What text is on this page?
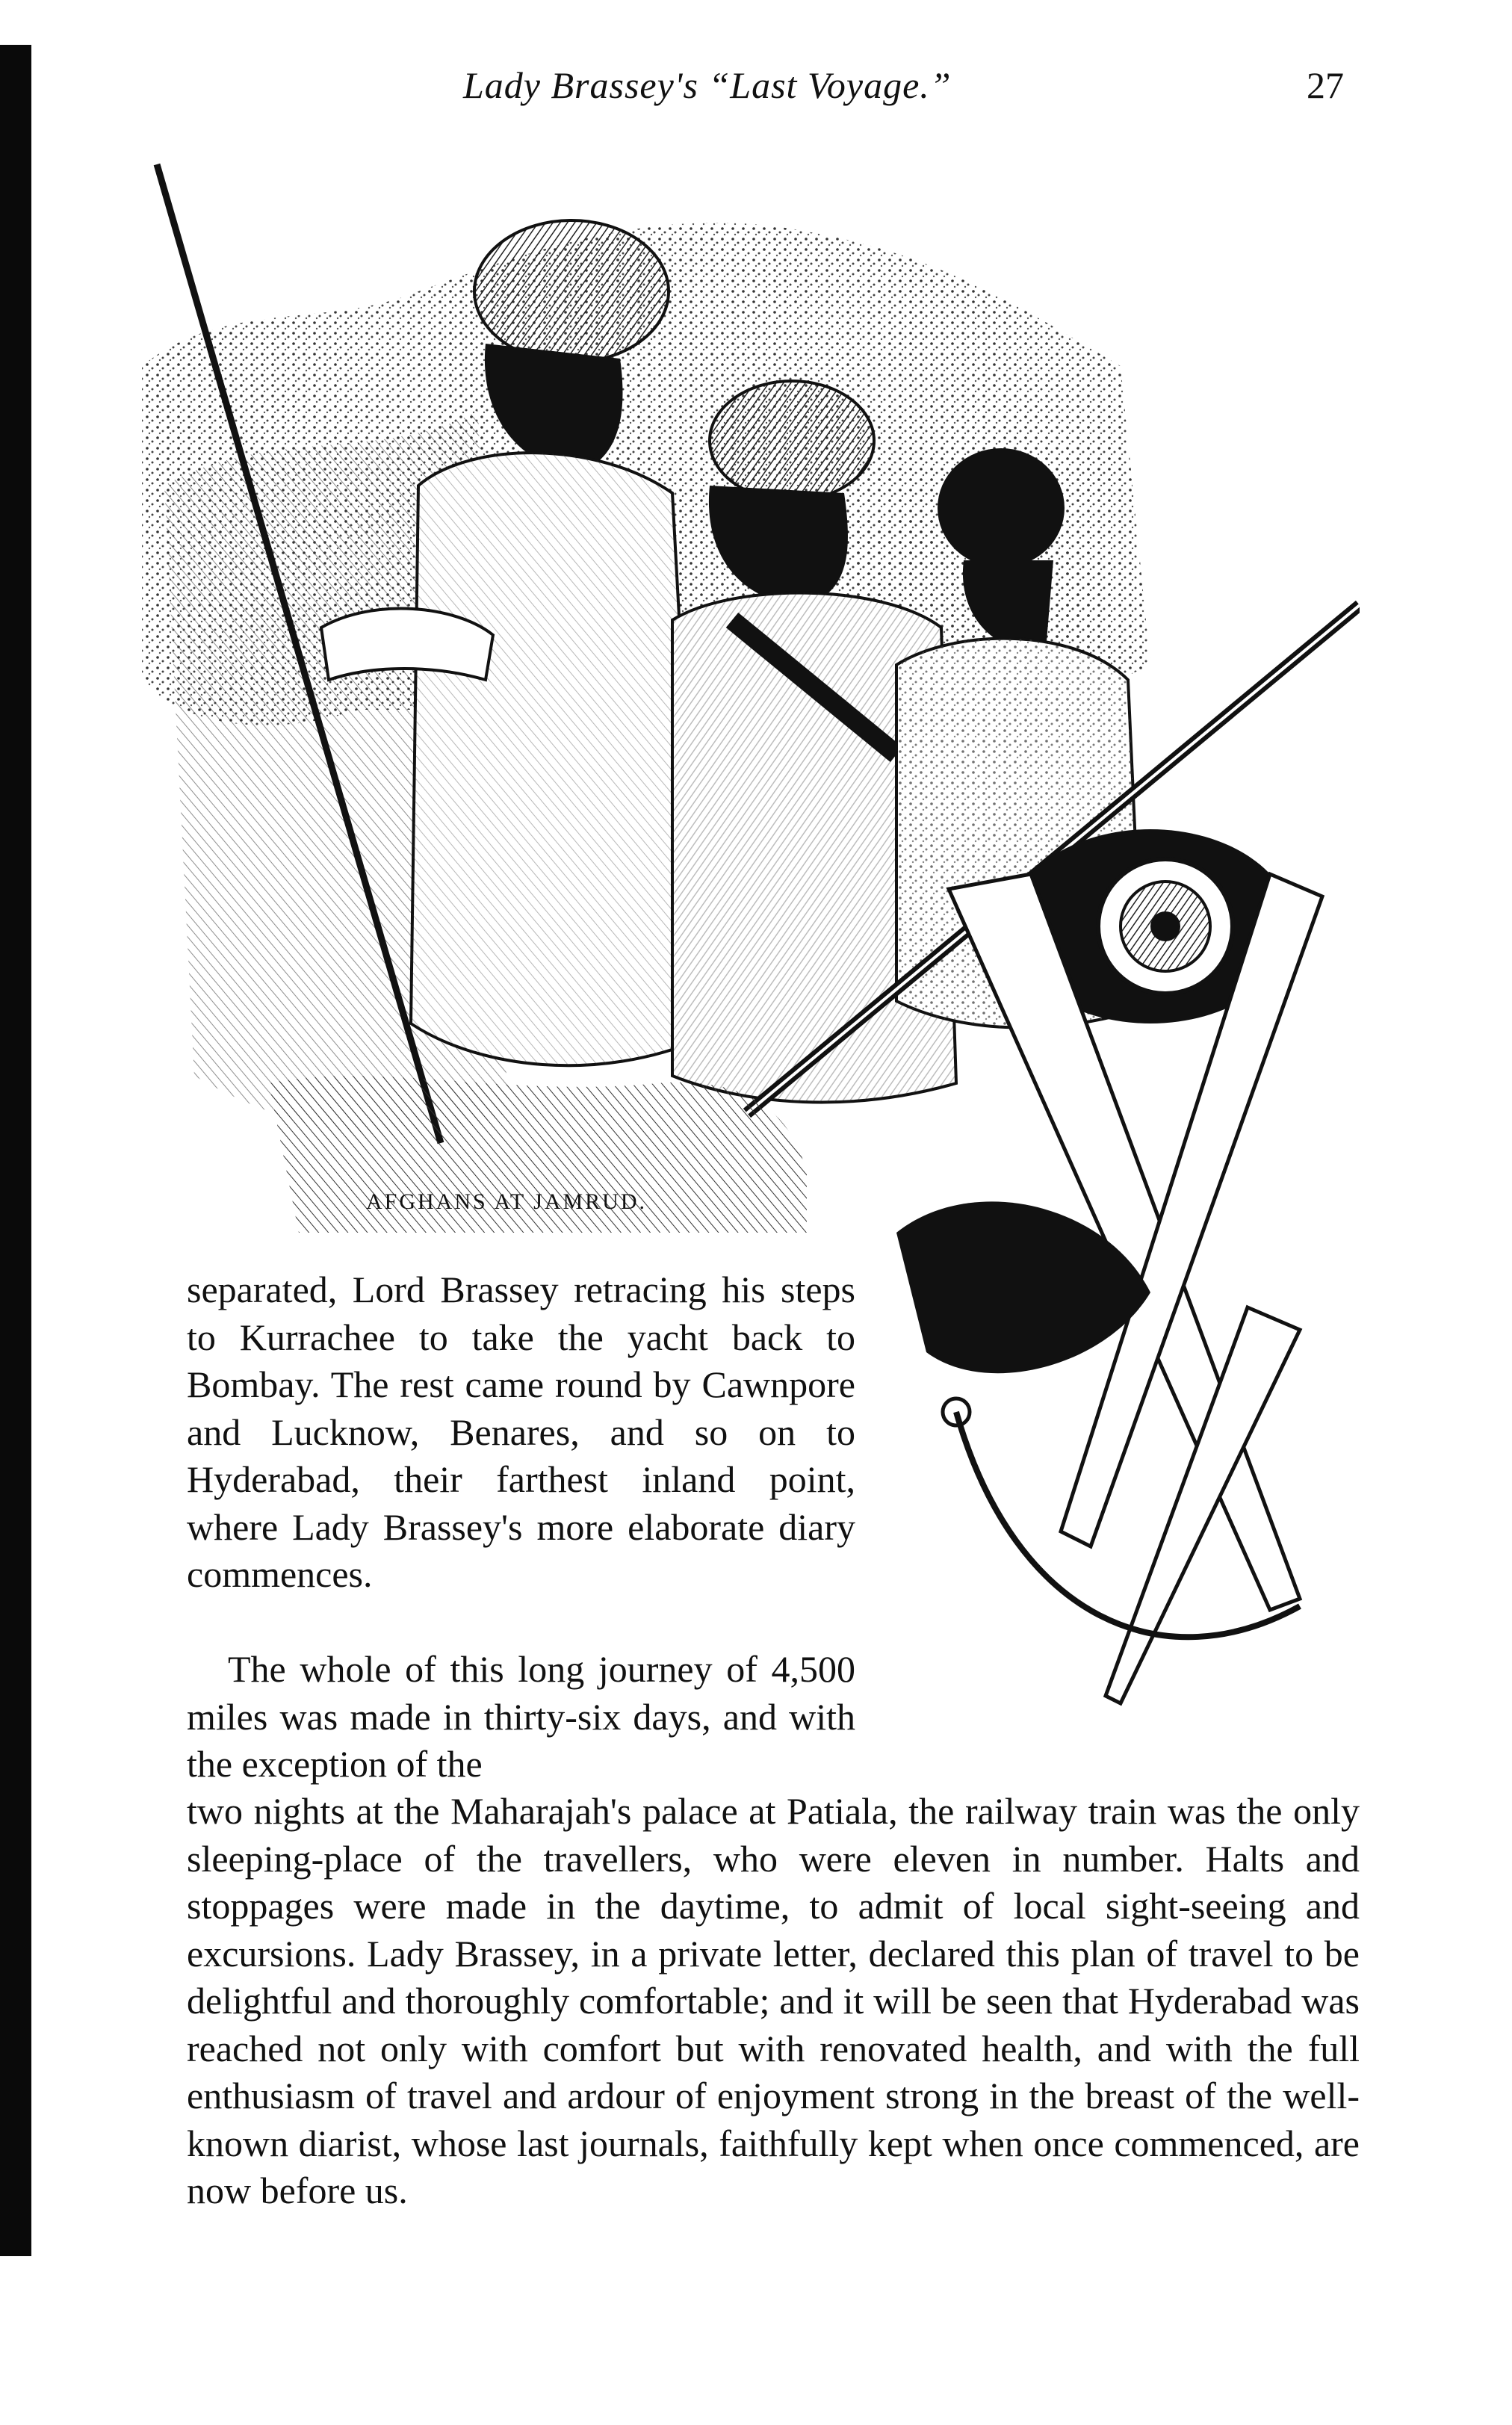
Lady Brassey's “Last Voyage.”	27
AFGHANS AT JAMRUD.

separated, Lord Brassey retracing his steps to Kurrachee to take the yacht back to Bombay. The rest came round by Cawnpore and Lucknow, Benares, and so on to Hyderabad, their farthest inland point, where Lady Brassey's more elaborate diary commences.

The whole of this long journey of 4,500 miles was made in thirty-six days, and with the exception of the

two nights at the Maharajah's palace at Patiala, the railway train was the only sleeping-place of the travellers, who were eleven in number. Halts and stoppages were made in the daytime, to admit of local sight-seeing and excursions. Lady Brassey, in a private letter, declared this plan of travel to be delightful and thoroughly comfortable; and it will be seen that Hyderabad was reached not only with comfort but with renovated health, and with the full enthusiasm of travel and ardour of enjoyment strong in the breast of the well-known diarist, whose last journals, faithfully kept when once commenced, are now before us.
